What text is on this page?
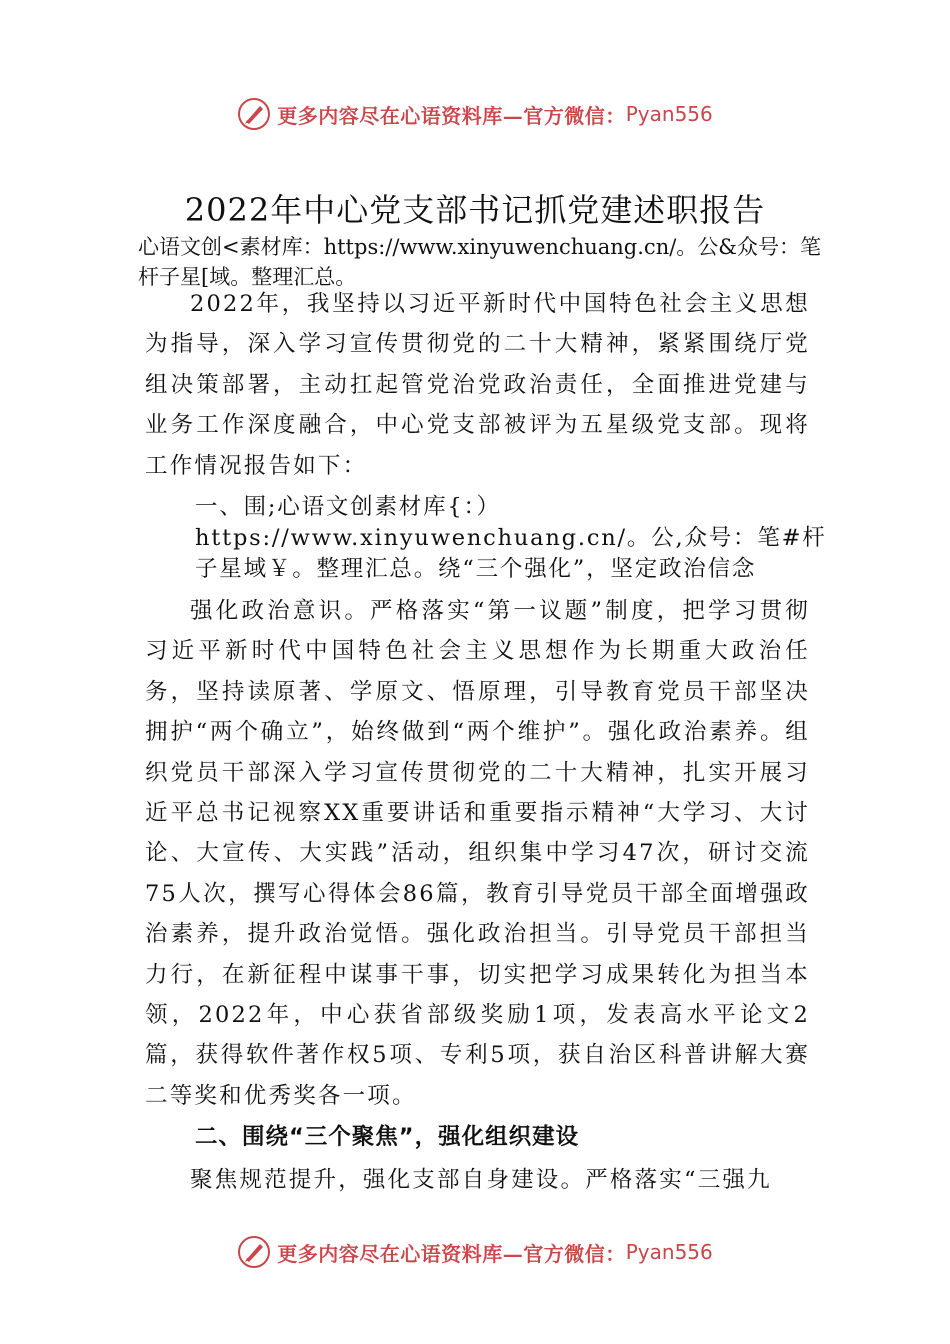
更多内容尽在心语资料库—官方微信： Pyan556
2022年中心党支部书记抓党建述职报告
心语文创<素材库：https://www.xinyuwenchuang.cn/。公&众号：笔杆子星[域。整理汇总。

2022年，我坚持以习近平新时代中国特色社会主义思想为指导，深入学习宣传贯彻党的二十大精神，紧紧围绕厅党组决策部署，主动扛起管党治党政治责任，全面推进党建与业务工作深度融合，中心党支部被评为五星级党支部。现将工作情况报告如下：

一、围;心语文创素材库{：）https://www.xinyuwenchuang.cn/。公,众号：笔#杆子星域￥。整理汇总。绕“三个强化”，坚定政治信念

强化政治意识。严格落实“第一议题”制度，把学习贯彻习近平新时代中国特色社会主义思想作为长期重大政治任务，坚持读原著、学原文、悟原理，引导教育党员干部坚决拥护“两个确立”，始终做到“两个维护”。强化政治素养。组织党员干部深入学习宣传贯彻党的二十大精神，扎实开展习近平总书记视察XX重要讲话和重要指示精神“大学习、大讨论、大宣传、大实践”活动，组织集中学习47次，研讨交流75人次，撰写心得体会86篇，教育引导党员干部全面增强政治素养，提升政治觉悟。强化政治担当。引导党员干部担当力行，在新征程中谋事干事，切实把学习成果转化为担当本领，2022年，中心获省部级奖励1项，发表高水平论文2篇，获得软件著作权5项、专利5项，获自治区科普讲解大赛二等奖和优秀奖各一项。

二、围绕“三个聚焦”，强化组织建设

聚焦规范提升，强化支部自身建设。严格落实“三强九

更多内容尽在心语资料库—官方微信： Pyan556
